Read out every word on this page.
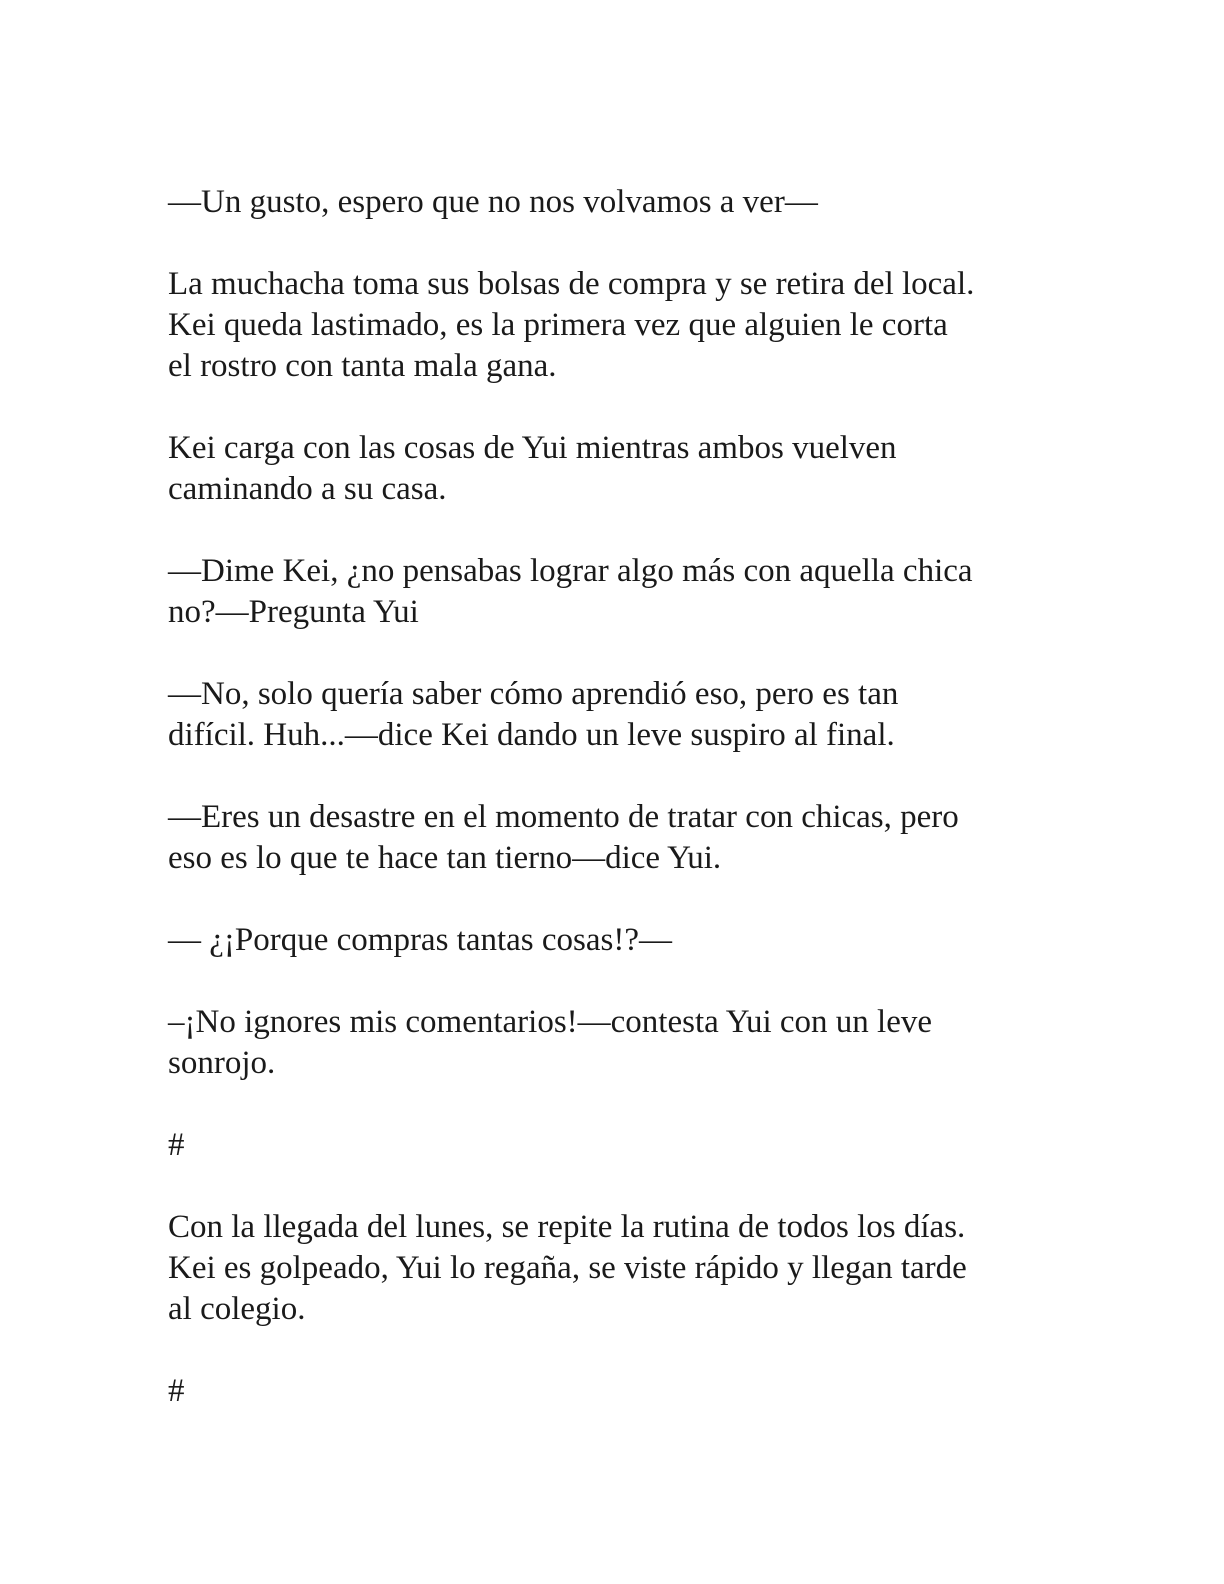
—Un gusto, espero que no nos volvamos a ver—

La muchacha toma sus bolsas de compra y se retira del local.
Kei queda lastimado, es la primera vez que alguien le corta
el rostro con tanta mala gana.

Kei carga con las cosas de Yui mientras ambos vuelven
caminando a su casa.

—Dime Kei, ¿no pensabas lograr algo más con aquella chica
no?—Pregunta Yui

—No, solo quería saber cómo aprendió eso, pero es tan
difícil. Huh...—dice Kei dando un leve suspiro al final.

—Eres un desastre en el momento de tratar con chicas, pero
eso es lo que te hace tan tierno—dice Yui.

— ¿¡Porque compras tantas cosas!?—

–¡No ignores mis comentarios!—contesta Yui con un leve
sonrojo.

#

Con la llegada del lunes, se repite la rutina de todos los días.
Kei es golpeado, Yui lo regaña, se viste rápido y llegan tarde
al colegio.

#
